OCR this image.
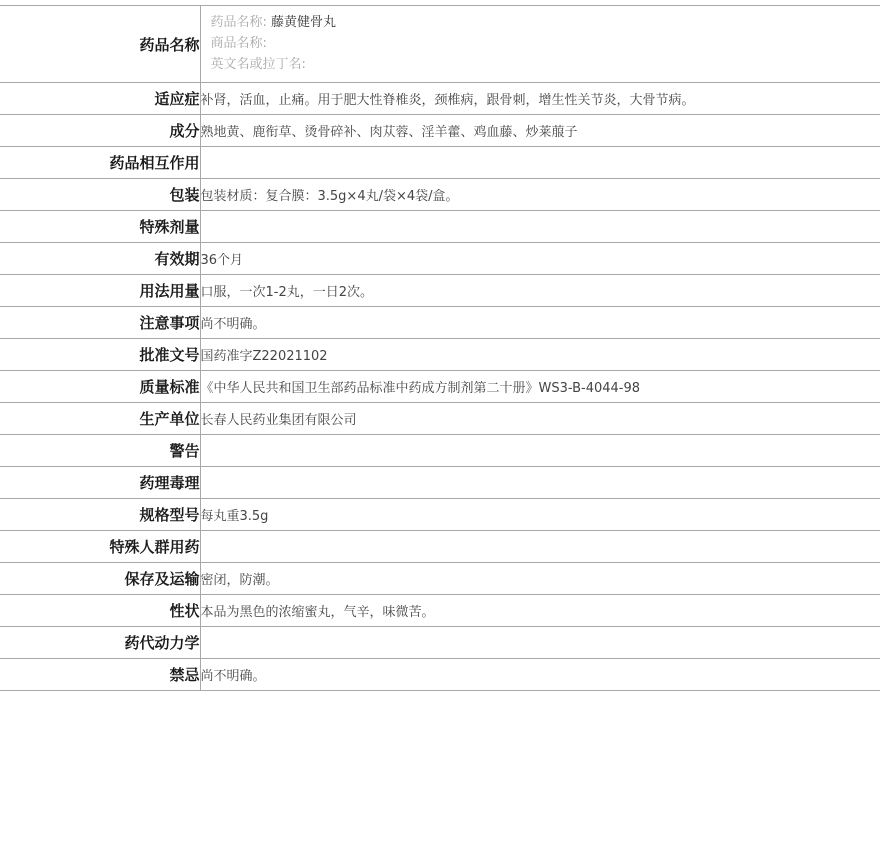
药品名称	药品名称: 藤黄健骨丸
商品名称:
英文名或拉丁名:

适应症	补肾，活血，止痛。用于肥大性脊椎炎，颈椎病，跟骨刺，增生性关节炎，大骨节病。
成分	熟地黄、鹿衔草、烫骨碎补、肉苁蓉、淫羊藿、鸡血藤、炒莱菔子
药品相互作用	
包装	包装材质：复合膜：3.5g×4丸/袋×4袋/盒。
特殊剂量	
有效期	36个月
用法用量	口服，一次1-2丸，一日2次。
注意事项	尚不明确。
批准文号	国药准字Z22021102
质量标准	《中华人民共和国卫生部药品标准中药成方制剂第二十册》WS3-B-4044-98
生产单位	长春人民药业集团有限公司
警告	
药理毒理	
规格型号	每丸重3.5g
特殊人群用药	
保存及运输	密闭，防潮。
性状	本品为黑色的浓缩蜜丸，气辛，味微苦。
药代动力学	
禁忌	尚不明确。
